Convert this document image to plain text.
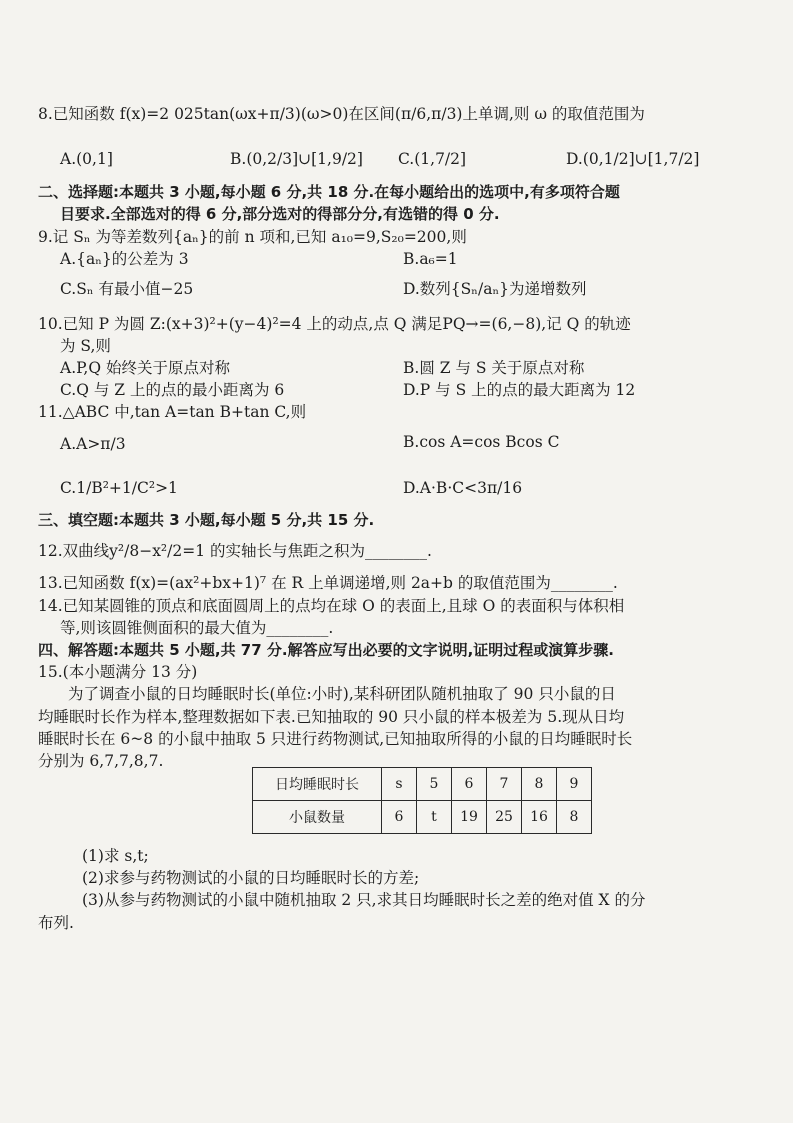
8.已知函数 f(x)=2 025tan(ωx+π/3)(ω>0)在区间(π/6,π/3)上单调,则 ω 的取值范围为
A.(0,1]	B.(0,2/3]∪[1,9/2] C.(1,7/2]	D.(0,1/2]∪[1,7/2]
二、选择题:本题共 3 小题,每小题 6 分,共 18 分.在每小题给出的选项中,有多项符合题
目要求.全部选对的得 6 分,部分选对的得部分分,有选错的得 0 分.
9.记 Sₙ 为等差数列{aₙ}的前 n 项和,已知 a₁₀=9,S₂₀=200,则
A.{aₙ}的公差为 3	B.a₆=1
C.Sₙ 有最小值−25	D.数列{Sₙ/aₙ}为递增数列
10.已知 P 为圆 Z:(x+3)²+(y−4)²=4 上的动点,点 Q 满足PQ→=(6,−8),记 Q 的轨迹
为 S,则
A.P,Q 始终关于原点对称	B.圆 Z 与 S 关于原点对称
C.Q 与 Z 上的点的最小距离为 6	D.P 与 S 上的点的最大距离为 12
11.△ABC 中,tan A=tan B+tan C,则
A.A>π/3	B.cos A=cos Bcos C
C.1/B²+1/C²>1	D.A·B·C<3π/16
三、填空题:本题共 3 小题,每小题 5 分,共 15 分.
12.双曲线y²/8−x²/2=1 的实轴长与焦距之积为________.
13.已知函数 f(x)=(ax²+bx+1)⁷ 在 R 上单调递增,则 2a+b 的取值范围为________.
14.已知某圆锥的顶点和底面圆周上的点均在球 O 的表面上,且球 O 的表面积与体积相
等,则该圆锥侧面积的最大值为________.
四、解答题:本题共 5 小题,共 77 分.解答应写出必要的文字说明,证明过程或演算步骤.
15.(本小题满分 13 分)
为了调查小鼠的日均睡眠时长(单位:小时),某科研团队随机抽取了 90 只小鼠的日
均睡眠时长作为样本,整理数据如下表.已知抽取的 90 只小鼠的样本极差为 5.现从日均
睡眠时长在 6~8 的小鼠中抽取 5 只进行药物测试,已知抽取所得的小鼠的日均睡眠时长
分别为 6,7,7,8,7.
日均睡眠时长	s	5	6	7	8	9
小鼠数量	6	t	19	25	16	8
(1)求 s,t;
(2)求参与药物测试的小鼠的日均睡眠时长的方差;
(3)从参与药物测试的小鼠中随机抽取 2 只,求其日均睡眠时长之差的绝对值 X 的分
布列.
